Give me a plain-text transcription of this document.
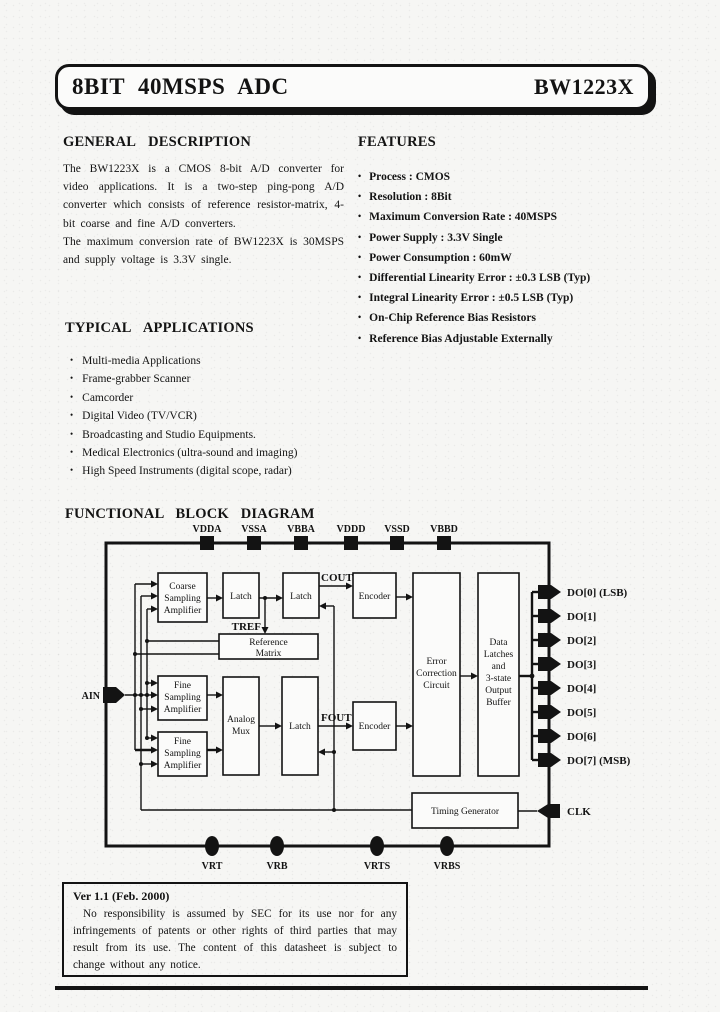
8BIT 40MSPS ADC	BW1223X
GENERAL DESCRIPTION

The BW1223X is a CMOS 8-bit A/D converter for video applications. It is a two-step ping-pong A/D converter which consists of reference resistor-matrix, 4-bit coarse and fine A/D converters.

The maximum conversion rate of BW1223X is 30MSPS and supply voltage is 3.3V single.

FEATURES
• Process : CMOS
• Resolution : 8Bit
• Maximum Conversion Rate : 40MSPS
• Power Supply : 3.3V Single
• Power Consumption : 60mW
• Differential Linearity Error : ±0.3 LSB (Typ)
• Integral Linearity Error : ±0.5 LSB (Typ)
• On-Chip Reference Bias Resistors
• Reference Bias Adjustable Externally
TYPICAL APPLICATIONS
• Multi-media Applications
• Frame-grabber Scanner
• Camcorder
• Digital Video (TV/VCR)
• Broadcasting and Studio Equipments.
• Medical Electronics (ultra-sound and imaging)
• High Speed Instruments (digital scope, radar)
FUNCTIONAL BLOCK DIAGRAM
VDDA VSSA VBBA VDDD VSSD VBBD
VRT	VRB	VRTS	VRBS
AIN
DO[0] (LSB)
DO[1]
DO[2]
DO[3]
DO[4]
DO[5]
DO[6]
DO[7] (MSB)
CLK
Coarse
Sampling
Amplifier
Latch	Latch	Encoder
Reference
Matrix
Fine
Sampling
Amplifier
Fine
Sampling
Amplifier
Analog
Mux	Latch	Encoder
Error
Correction
Circuit
Data
Latches
and
3-state
Output
Buffer
Timing Generator
COUT
FOUT
TREF
Ver 1.1 (Feb. 2000)
No responsibility is assumed by SEC for its use nor for any infringements of patents or other rights of third parties that may result from its use. The content of this datasheet is subject to change without any notice.
